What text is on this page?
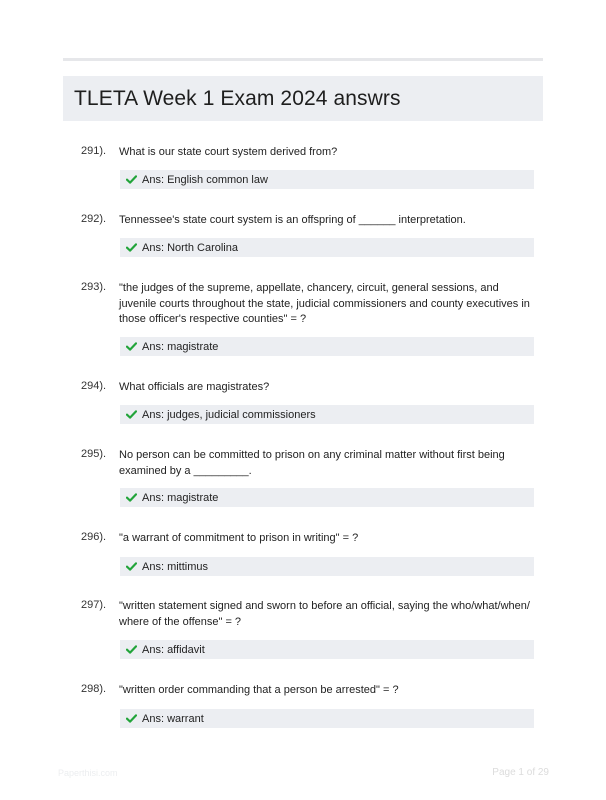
TLETA Week 1 Exam 2024 answrs
291). What is our state court system derived from?
Ans: English common law
292). Tennessee's state court system is an offspring of ______ interpretation.
Ans: North Carolina
293). "the judges of the supreme, appellate, chancery, circuit, general sessions, and juvenile courts throughout the state, judicial commissioners and county executives in those officer's respective counties" = ?
Ans: magistrate
294). What officials are magistrates?
Ans: judges, judicial commissioners
295). No person can be committed to prison on any criminal matter without first being examined by a _________.
Ans: magistrate
296). "a warrant of commitment to prison in writing" = ?
Ans: mittimus
297). "written statement signed and sworn to before an official, saying the who/what/when/ where of the offense" = ?
Ans: affidavit
298). "written order commanding that a person be arrested" = ?
Ans: warrant
Paperthisi.com	Page 1 of 29
